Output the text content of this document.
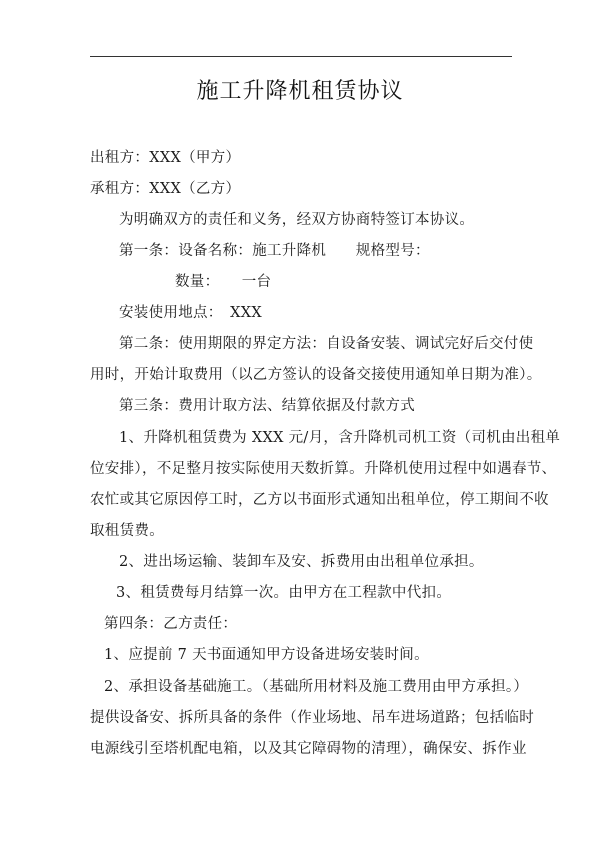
施工升降机租赁协议
出租方：XXX（甲方）
承租方：XXX（乙方）
为明确双方的责任和义务，经双方协商特签订本协议。
第一条：设备名称：施工升降机　　规格型号：
数量：　　一台
安装使用地点：　XXX
第二条：使用期限的界定方法：自设备安装、调试完好后交付使
用时，开始计取费用（以乙方签认的设备交接使用通知单日期为准）。
第三条：费用计取方法、结算依据及付款方式
1、升降机租赁费为 XXX 元/月，含升降机司机工资（司机由出租单
位安排），不足整月按实际使用天数折算。升降机使用过程中如遇春节、
农忙或其它原因停工时，乙方以书面形式通知出租单位，停工期间不收
取租赁费。
2、进出场运输、装卸车及安、拆费用由出租单位承担。
3、租赁费每月结算一次。由甲方在工程款中代扣。
第四条：乙方责任：
1、应提前 7 天书面通知甲方设备进场安装时间。
2、承担设备基础施工。（基础所用材料及施工费用由甲方承担。）
提供设备安、拆所具备的条件（作业场地、吊车进场道路；包括临时
电源线引至塔机配电箱，以及其它障碍物的清理），确保安、拆作业
